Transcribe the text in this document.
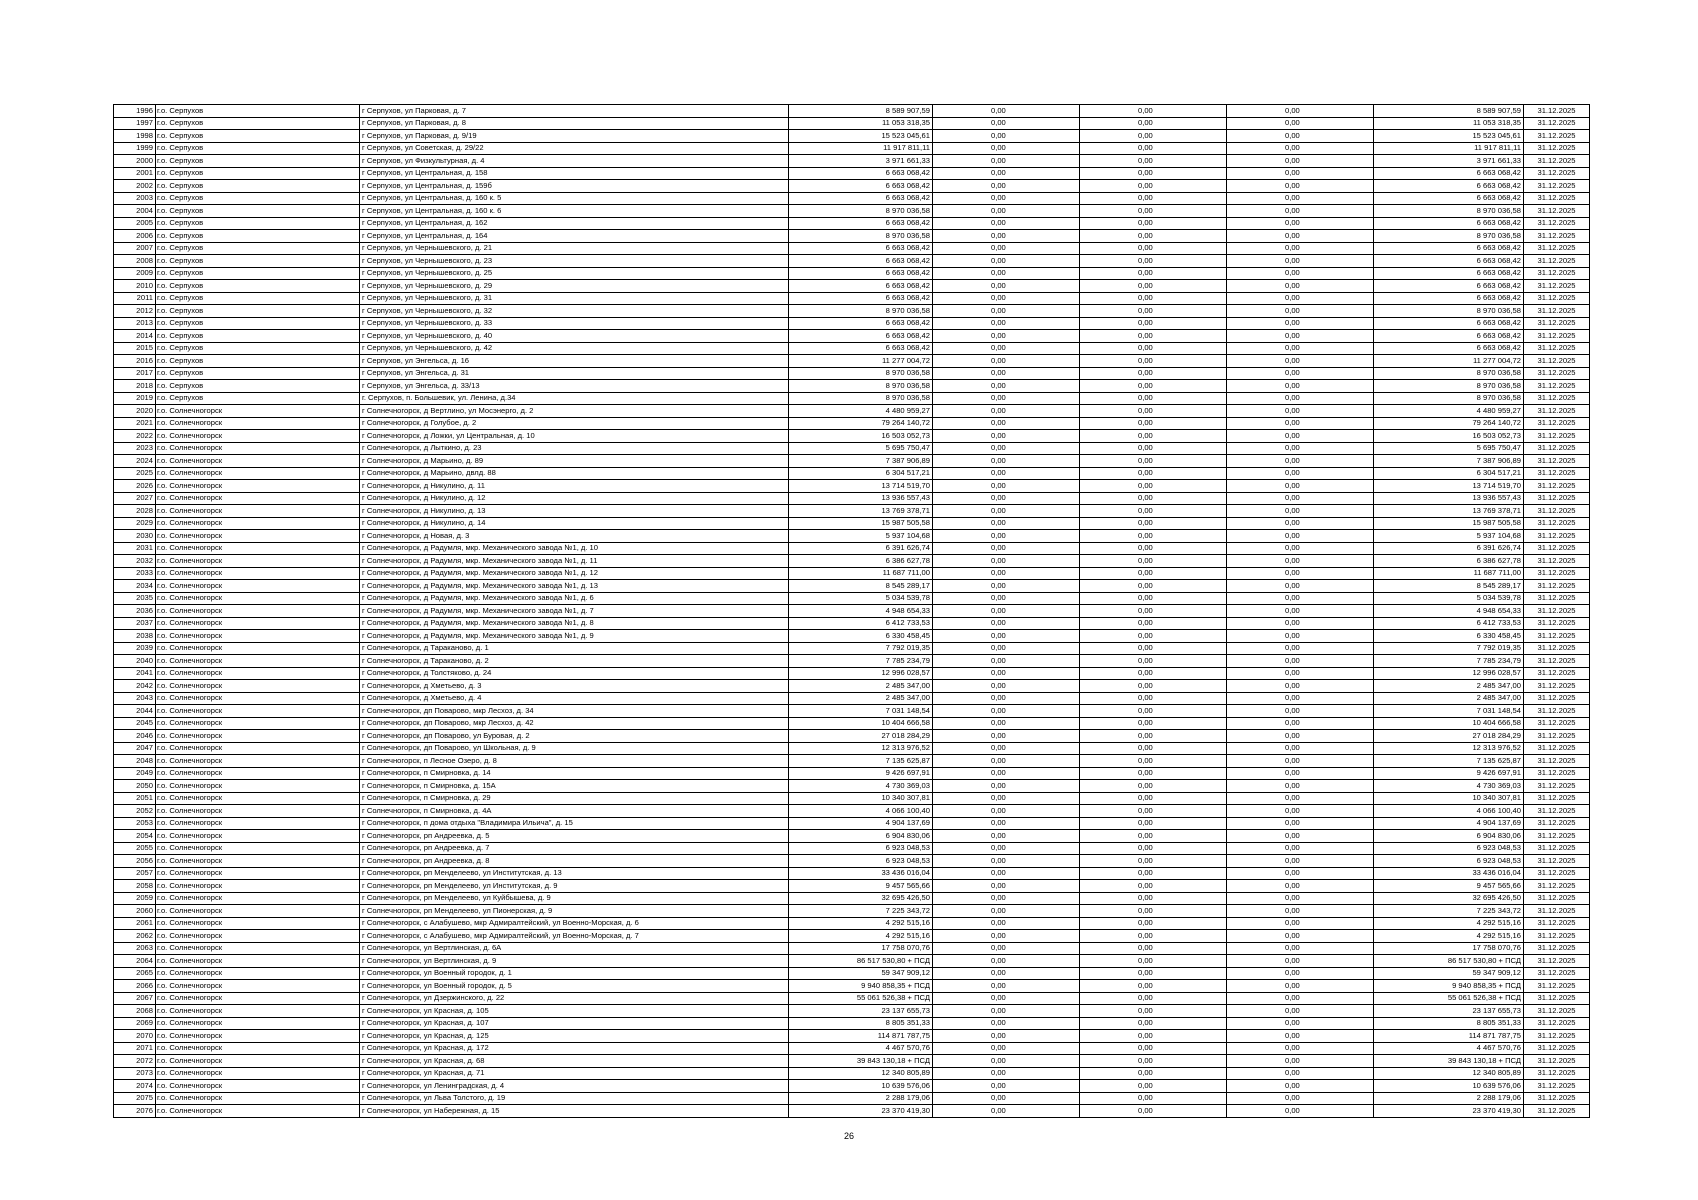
1996	г.о. Серпухов	г Серпухов, ул Парковая, д. 7	8 589 907,59	0,00	0,00	0,00	8 589 907,59	31.12.2025
1997	г.о. Серпухов	г Серпухов, ул Парковая, д. 8	11 053 318,35	0,00	0,00	0,00	11 053 318,35	31.12.2025
1998	г.о. Серпухов	г Серпухов, ул Парковая, д. 9/19	15 523 045,61	0,00	0,00	0,00	15 523 045,61	31.12.2025
1999	г.о. Серпухов	г Серпухов, ул Советская, д. 29/22	11 917 811,11	0,00	0,00	0,00	11 917 811,11	31.12.2025
2000	г.о. Серпухов	г Серпухов, ул Физкультурная, д. 4	3 971 661,33	0,00	0,00	0,00	3 971 661,33	31.12.2025
2001	г.о. Серпухов	г Серпухов, ул Центральная, д. 158	6 663 068,42	0,00	0,00	0,00	6 663 068,42	31.12.2025
2002	г.о. Серпухов	г Серпухов, ул Центральная, д. 159б	6 663 068,42	0,00	0,00	0,00	6 663 068,42	31.12.2025
2003	г.о. Серпухов	г Серпухов, ул Центральная, д. 160 к. 5	6 663 068,42	0,00	0,00	0,00	6 663 068,42	31.12.2025
2004	г.о. Серпухов	г Серпухов, ул Центральная, д. 160 к. 6	8 970 036,58	0,00	0,00	0,00	8 970 036,58	31.12.2025
2005	г.о. Серпухов	г Серпухов, ул Центральная, д. 162	6 663 068,42	0,00	0,00	0,00	6 663 068,42	31.12.2025
2006	г.о. Серпухов	г Серпухов, ул Центральная, д. 164	8 970 036,58	0,00	0,00	0,00	8 970 036,58	31.12.2025
2007	г.о. Серпухов	г Серпухов, ул Чернышевского, д. 21	6 663 068,42	0,00	0,00	0,00	6 663 068,42	31.12.2025
2008	г.о. Серпухов	г Серпухов, ул Чернышевского, д. 23	6 663 068,42	0,00	0,00	0,00	6 663 068,42	31.12.2025
2009	г.о. Серпухов	г Серпухов, ул Чернышевского, д. 25	6 663 068,42	0,00	0,00	0,00	6 663 068,42	31.12.2025
2010	г.о. Серпухов	г Серпухов, ул Чернышевского, д. 29	6 663 068,42	0,00	0,00	0,00	6 663 068,42	31.12.2025
2011	г.о. Серпухов	г Серпухов, ул Чернышевского, д. 31	6 663 068,42	0,00	0,00	0,00	6 663 068,42	31.12.2025
2012	г.о. Серпухов	г Серпухов, ул Чернышевского, д. 32	8 970 036,58	0,00	0,00	0,00	8 970 036,58	31.12.2025
2013	г.о. Серпухов	г Серпухов, ул Чернышевского, д. 33	6 663 068,42	0,00	0,00	0,00	6 663 068,42	31.12.2025
2014	г.о. Серпухов	г Серпухов, ул Чернышевского, д. 40	6 663 068,42	0,00	0,00	0,00	6 663 068,42	31.12.2025
2015	г.о. Серпухов	г Серпухов, ул Чернышевского, д. 42	6 663 068,42	0,00	0,00	0,00	6 663 068,42	31.12.2025
2016	г.о. Серпухов	г Серпухов, ул Энгельса, д. 16	11 277 004,72	0,00	0,00	0,00	11 277 004,72	31.12.2025
2017	г.о. Серпухов	г Серпухов, ул Энгельса, д. 31	8 970 036,58	0,00	0,00	0,00	8 970 036,58	31.12.2025
2018	г.о. Серпухов	г Серпухов, ул Энгельса, д. 33/13	8 970 036,58	0,00	0,00	0,00	8 970 036,58	31.12.2025
2019	г.о. Серпухов	г. Серпухов, п. Большевик, ул. Ленина, д.34	8 970 036,58	0,00	0,00	0,00	8 970 036,58	31.12.2025
2020	г.о. Солнечногорск	г Солнечногорск, д Вертлино, ул Мосэнерго, д. 2	4 480 959,27	0,00	0,00	0,00	4 480 959,27	31.12.2025
2021	г.о. Солнечногорск	г Солнечногорск, д Голубое, д. 2	79 264 140,72	0,00	0,00	0,00	79 264 140,72	31.12.2025
2022	г.о. Солнечногорск	г Солнечногорск, д Ложки, ул Центральная, д. 10	16 503 052,73	0,00	0,00	0,00	16 503 052,73	31.12.2025
2023	г.о. Солнечногорск	г Солнечногорск, д Лыткино, д. 23	5 695 750,47	0,00	0,00	0,00	5 695 750,47	31.12.2025
2024	г.о. Солнечногорск	г Солнечногорск, д Марьино, д. 89	7 387 906,89	0,00	0,00	0,00	7 387 906,89	31.12.2025
2025	г.о. Солнечногорск	г Солнечногорск, д Марьино, двлд. 88	6 304 517,21	0,00	0,00	0,00	6 304 517,21	31.12.2025
2026	г.о. Солнечногорск	г Солнечногорск, д Никулино, д. 11	13 714 519,70	0,00	0,00	0,00	13 714 519,70	31.12.2025
2027	г.о. Солнечногорск	г Солнечногорск, д Никулино, д. 12	13 936 557,43	0,00	0,00	0,00	13 936 557,43	31.12.2025
2028	г.о. Солнечногорск	г Солнечногорск, д Никулино, д. 13	13 769 378,71	0,00	0,00	0,00	13 769 378,71	31.12.2025
2029	г.о. Солнечногорск	г Солнечногорск, д Никулино, д. 14	15 987 505,58	0,00	0,00	0,00	15 987 505,58	31.12.2025
2030	г.о. Солнечногорск	г Солнечногорск, д Новая, д. 3	5 937 104,68	0,00	0,00	0,00	5 937 104,68	31.12.2025
2031	г.о. Солнечногорск	г Солнечногорск, д Радумля, мкр. Механического завода №1, д. 10	6 391 626,74	0,00	0,00	0,00	6 391 626,74	31.12.2025
2032	г.о. Солнечногорск	г Солнечногорск, д Радумля, мкр. Механического завода №1, д. 11	6 386 627,78	0,00	0,00	0,00	6 386 627,78	31.12.2025
2033	г.о. Солнечногорск	г Солнечногорск, д Радумля, мкр. Механического завода №1, д. 12	11 687 711,00	0,00	0,00	0,00	11 687 711,00	31.12.2025
2034	г.о. Солнечногорск	г Солнечногорск, д Радумля, мкр. Механического завода №1, д. 13	8 545 289,17	0,00	0,00	0,00	8 545 289,17	31.12.2025
2035	г.о. Солнечногорск	г Солнечногорск, д Радумля, мкр. Механического завода №1, д. 6	5 034 539,78	0,00	0,00	0,00	5 034 539,78	31.12.2025
2036	г.о. Солнечногорск	г Солнечногорск, д Радумля, мкр. Механического завода №1, д. 7	4 948 654,33	0,00	0,00	0,00	4 948 654,33	31.12.2025
2037	г.о. Солнечногорск	г Солнечногорск, д Радумля, мкр. Механического завода №1, д. 8	6 412 733,53	0,00	0,00	0,00	6 412 733,53	31.12.2025
2038	г.о. Солнечногорск	г Солнечногорск, д Радумля, мкр. Механического завода №1, д. 9	6 330 458,45	0,00	0,00	0,00	6 330 458,45	31.12.2025
2039	г.о. Солнечногорск	г Солнечногорск, д Тараканово, д. 1	7 792 019,35	0,00	0,00	0,00	7 792 019,35	31.12.2025
2040	г.о. Солнечногорск	г Солнечногорск, д Тараканово, д. 2	7 785 234,79	0,00	0,00	0,00	7 785 234,79	31.12.2025
2041	г.о. Солнечногорск	г Солнечногорск, д Толстяково, д. 24	12 996 028,57	0,00	0,00	0,00	12 996 028,57	31.12.2025
2042	г.о. Солнечногорск	г Солнечногорск, д Хметьево, д. 3	2 485 347,00	0,00	0,00	0,00	2 485 347,00	31.12.2025
2043	г.о. Солнечногорск	г Солнечногорск, д Хметьево, д. 4	2 485 347,00	0,00	0,00	0,00	2 485 347,00	31.12.2025
2044	г.о. Солнечногорск	г Солнечногорск, дп Поварово, мкр Лесхоз, д. 34	7 031 148,54	0,00	0,00	0,00	7 031 148,54	31.12.2025
2045	г.о. Солнечногорск	г Солнечногорск, дп Поварово, мкр Лесхоз, д. 42	10 404 666,58	0,00	0,00	0,00	10 404 666,58	31.12.2025
2046	г.о. Солнечногорск	г Солнечногорск, дп Поварово, ул Буровая, д. 2	27 018 284,29	0,00	0,00	0,00	27 018 284,29	31.12.2025
2047	г.о. Солнечногорск	г Солнечногорск, дп Поварово, ул Школьная, д. 9	12 313 976,52	0,00	0,00	0,00	12 313 976,52	31.12.2025
2048	г.о. Солнечногорск	г Солнечногорск, п Лесное Озеро, д. 8	7 135 625,87	0,00	0,00	0,00	7 135 625,87	31.12.2025
2049	г.о. Солнечногорск	г Солнечногорск, п Смирновка, д. 14	9 426 697,91	0,00	0,00	0,00	9 426 697,91	31.12.2025
2050	г.о. Солнечногорск	г Солнечногорск, п Смирновка, д. 15А	4 730 369,03	0,00	0,00	0,00	4 730 369,03	31.12.2025
2051	г.о. Солнечногорск	г Солнечногорск, п Смирновка, д. 29	10 340 307,81	0,00	0,00	0,00	10 340 307,81	31.12.2025
2052	г.о. Солнечногорск	г Солнечногорск, п Смирновка, д. 4А	4 066 100,40	0,00	0,00	0,00	4 066 100,40	31.12.2025
2053	г.о. Солнечногорск	г Солнечногорск, п дома отдыха "Владимира Ильича", д. 15	4 904 137,69	0,00	0,00	0,00	4 904 137,69	31.12.2025
2054	г.о. Солнечногорск	г Солнечногорск, рп Андреевка, д. 5	6 904 830,06	0,00	0,00	0,00	6 904 830,06	31.12.2025
2055	г.о. Солнечногорск	г Солнечногорск, рп Андреевка, д. 7	6 923 048,53	0,00	0,00	0,00	6 923 048,53	31.12.2025
2056	г.о. Солнечногорск	г Солнечногорск, рп Андреевка, д. 8	6 923 048,53	0,00	0,00	0,00	6 923 048,53	31.12.2025
2057	г.о. Солнечногорск	г Солнечногорск, рп Менделеево, ул Институтская, д. 13	33 436 016,04	0,00	0,00	0,00	33 436 016,04	31.12.2025
2058	г.о. Солнечногорск	г Солнечногорск, рп Менделеево, ул Институтская, д. 9	9 457 565,66	0,00	0,00	0,00	9 457 565,66	31.12.2025
2059	г.о. Солнечногорск	г Солнечногорск, рп Менделеево, ул Куйбышева, д. 9	32 695 426,50	0,00	0,00	0,00	32 695 426,50	31.12.2025
2060	г.о. Солнечногорск	г Солнечногорск, рп Менделеево, ул Пионерская, д. 9	7 225 343,72	0,00	0,00	0,00	7 225 343,72	31.12.2025
2061	г.о. Солнечногорск	г Солнечногорск, с Алабушево, мкр Адмиралтейский, ул Военно-Морская, д. 6	4 292 515,16	0,00	0,00	0,00	4 292 515,16	31.12.2025
2062	г.о. Солнечногорск	г Солнечногорск, с Алабушево, мкр Адмиралтейский, ул Военно-Морская, д. 7	4 292 515,16	0,00	0,00	0,00	4 292 515,16	31.12.2025
2063	г.о. Солнечногорск	г Солнечногорск, ул Вертлинская, д. 6А	17 758 070,76	0,00	0,00	0,00	17 758 070,76	31.12.2025
2064	г.о. Солнечногорск	г Солнечногорск, ул Вертлинская, д. 9	86 517 530,80 + ПСД	0,00	0,00	0,00	86 517 530,80 + ПСД	31.12.2025
2065	г.о. Солнечногорск	г Солнечногорск, ул Военный городок, д. 1	59 347 909,12	0,00	0,00	0,00	59 347 909,12	31.12.2025
2066	г.о. Солнечногорск	г Солнечногорск, ул Военный городок, д. 5	9 940 858,35 + ПСД	0,00	0,00	0,00	9 940 858,35 + ПСД	31.12.2025
2067	г.о. Солнечногорск	г Солнечногорск, ул Дзержинского, д. 22	55 061 526,38 + ПСД	0,00	0,00	0,00	55 061 526,38 + ПСД	31.12.2025
2068	г.о. Солнечногорск	г Солнечногорск, ул Красная, д. 105	23 137 655,73	0,00	0,00	0,00	23 137 655,73	31.12.2025
2069	г.о. Солнечногорск	г Солнечногорск, ул Красная, д. 107	8 805 351,33	0,00	0,00	0,00	8 805 351,33	31.12.2025
2070	г.о. Солнечногорск	г Солнечногорск, ул Красная, д. 125	114 871 787,75	0,00	0,00	0,00	114 871 787,75	31.12.2025
2071	г.о. Солнечногорск	г Солнечногорск, ул Красная, д. 172	4 467 570,76	0,00	0,00	0,00	4 467 570,76	31.12.2025
2072	г.о. Солнечногорск	г Солнечногорск, ул Красная, д. 68	39 843 130,18 + ПСД	0,00	0,00	0,00	39 843 130,18 + ПСД	31.12.2025
2073	г.о. Солнечногорск	г Солнечногорск, ул Красная, д. 71	12 340 805,89	0,00	0,00	0,00	12 340 805,89	31.12.2025
2074	г.о. Солнечногорск	г Солнечногорск, ул Ленинградская, д. 4	10 639 576,06	0,00	0,00	0,00	10 639 576,06	31.12.2025
2075	г.о. Солнечногорск	г Солнечногорск, ул Льва Толстого, д. 19	2 288 179,06	0,00	0,00	0,00	2 288 179,06	31.12.2025
2076	г.о. Солнечногорск	г Солнечногорск, ул Набережная, д. 15	23 370 419,30	0,00	0,00	0,00	23 370 419,30	31.12.2025
26
